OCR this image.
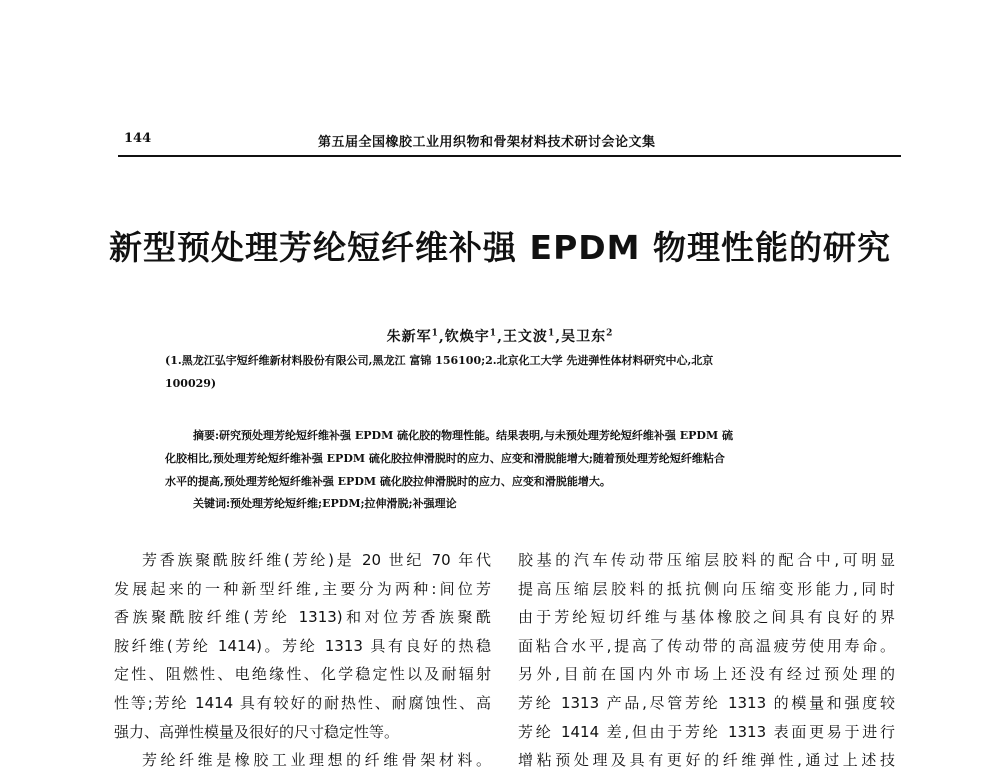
144	第五届全国橡胶工业用织物和骨架材料技术研讨会论文集
新型预处理芳纶短纤维补强 EPDM 物理性能的研究
朱新军$^1$,钦焕宇$^1$,王文波$^1$,吴卫东$^2$
(1.黑龙江弘宇短纤维新材料股份有限公司,黑龙江 富锦 156100;2.北京化工大学 先进弹性体材料研究中心,北京
100029)

摘要:研究预处理芳纶短纤维补强 EPDM 硫化胶的物理性能。结果表明,与未预处理芳纶短纤维补强 EPDM 硫

化胶相比,预处理芳纶短纤维补强 EPDM 硫化胶拉伸滑脱时的应力、应变和滑脱能增大;随着预处理芳纶短纤维粘合
水平的提高,预处理芳纶短纤维补强 EPDM 硫化胶拉伸滑脱时的应力、应变和滑脱能增大。
关键词:预处理芳纶短纤维;EPDM;拉伸滑脱;补强理论
芳香族聚酰胺纤维(芳纶)是 20 世纪 70 年代
发展起来的一种新型纤维,主要分为两种:间位芳
香族聚酰胺纤维(芳纶 1313)和对位芳香族聚酰
胺纤维(芳纶 1414)。芳纶 1313 具有良好的热稳
定性、阻燃性、电绝缘性、化学稳定性以及耐辐射
性等;芳纶 1414 具有较好的耐热性、耐腐蚀性、高
强力、高弹性模量及很好的尺寸稳定性等。
芳纶纤维是橡胶工业理想的纤维骨架材料。
胶基的汽车传动带压缩层胶料的配合中,可明显
提高压缩层胶料的抵抗侧向压缩变形能力,同时
由于芳纶短切纤维与基体橡胶之间具有良好的界
面粘合水平,提高了传动带的高温疲劳使用寿命。
另外,目前在国内外市场上还没有经过预处理的
芳纶 1313 产品,尽管芳纶 1313 的模量和强度较
芳纶 1414 差,但由于芳纶 1313 表面更易于进行
增粘预处理及具有更好的纤维弹性,通过上述技
